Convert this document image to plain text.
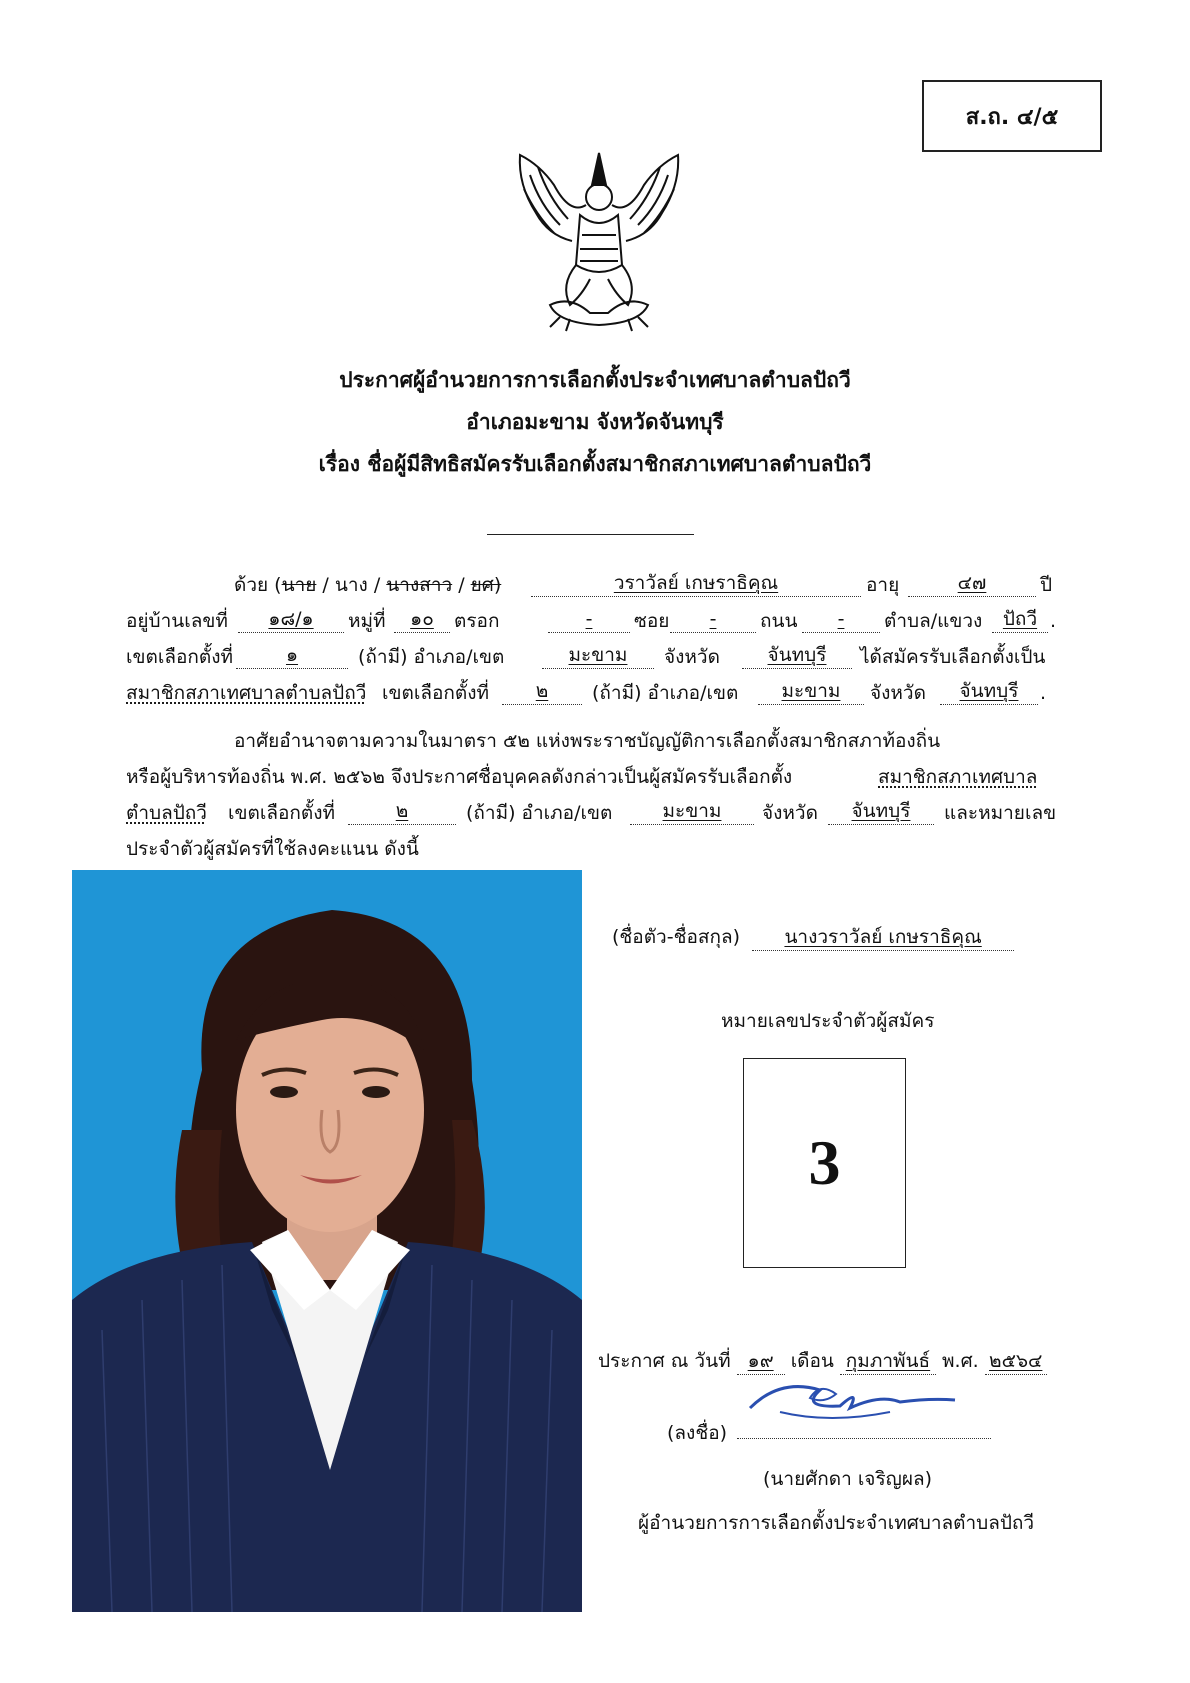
ส.ถ. ๔/๕
ประกาศผู้อำนวยการการเลือกตั้งประจำเทศบาลตำบลปัถวี
อำเภอมะขาม จังหวัดจันทบุรี
เรื่อง ชื่อผู้มีสิทธิสมัครรับเลือกตั้งสมาชิกสภาเทศบาลตำบลปัถวี
ด้วย (นาย / นาง / นางสาว / ยศ)	วราวัลย์ เกษราธิคุณ	อายุ	๔๗	ปี
อยู่บ้านเลขที่	๑๘/๑	หมู่ที่	๑๐	ตรอก	-	ซอย	-	ถนน	-	ตำบล/แขวง	ปัถวี .
เขตเลือกตั้งที่	๑	(ถ้ามี) อำเภอ/เขต	มะขาม	จังหวัด	จันทบุรี	ได้สมัครรับเลือกตั้งเป็น
สมาชิกสภาเทศบาลตำบลปัถวี เขตเลือกตั้งที่	๒	(ถ้ามี) อำเภอ/เขต	มะขาม	จังหวัด	จันทบุรี	.
อาศัยอำนาจตามความในมาตรา ๕๒ แห่งพระราชบัญญัติการเลือกตั้งสมาชิกสภาท้องถิ่น
หรือผู้บริหารท้องถิ่น พ.ศ. ๒๕๖๒ จึงประกาศชื่อบุคคลดังกล่าวเป็นผู้สมัครรับเลือกตั้ง	สมาชิกสภาเทศบาล
ตำบลปัถวี เขตเลือกตั้งที่	๒	(ถ้ามี) อำเภอ/เขต	มะขาม	จังหวัด	จันทบุรี	และหมายเลข
ประจำตัวผู้สมัครที่ใช้ลงคะแนน ดังนี้
(ชื่อตัว-ชื่อสกุล) นางวราวัลย์ เกษราธิคุณ
หมายเลขประจำตัวผู้สมัคร
3
ประกาศ ณ วันที่ ๑๙ เดือน กุมภาพันธ์ พ.ศ. ๒๕๖๔
(ลงชื่อ)
(นายศักดา เจริญผล)
ผู้อำนวยการการเลือกตั้งประจำเทศบาลตำบลปัถวี
